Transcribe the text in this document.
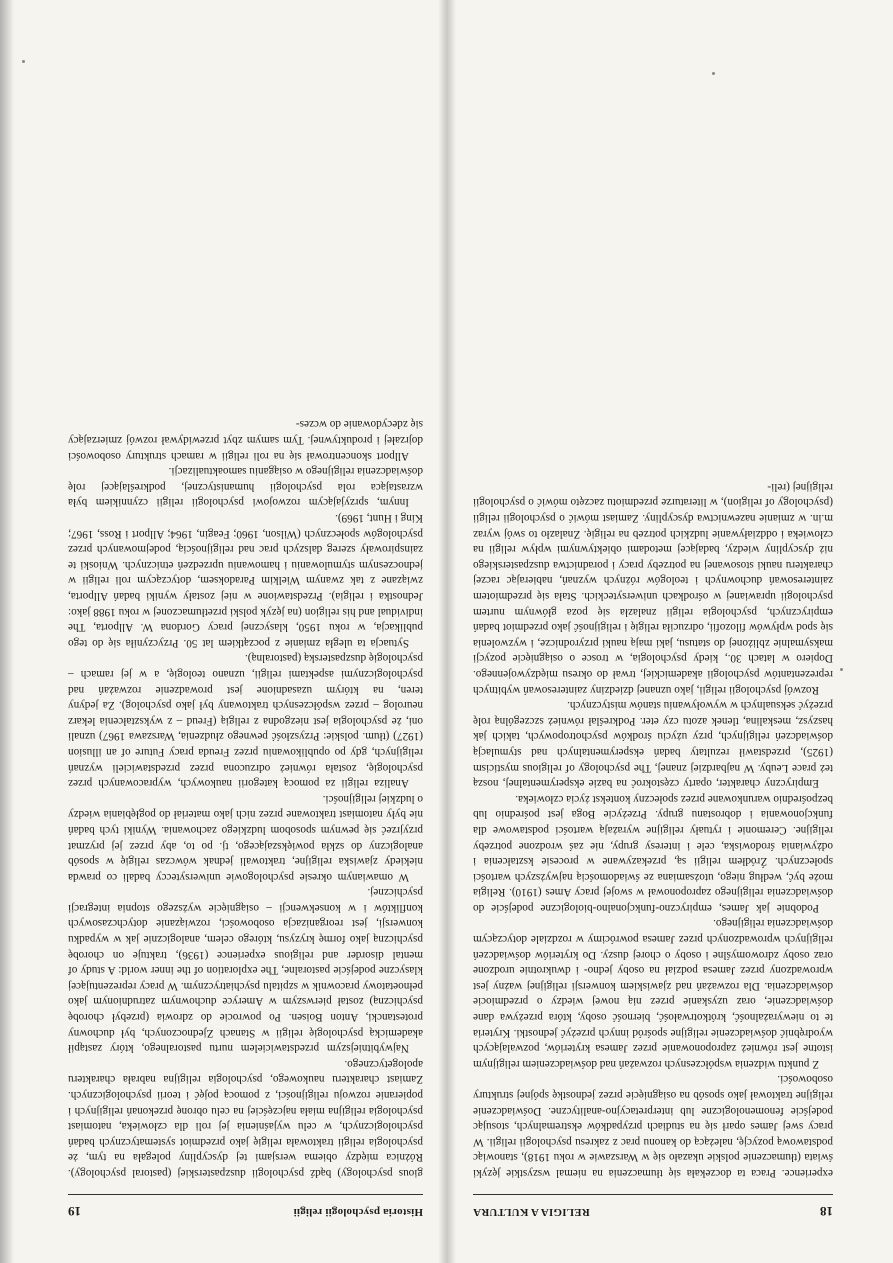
18
RELIGIA A KULTURA

experience. Praca ta doczekała się tłumaczenia na niemal wszystkie języki świata (tłumaczenie polskie ukazało się w Warszawie w roku 1918), stanowiąc podstawową pozycję, należącą do kanonu prac z zakresu psychologii religii. W pracy swej James oparł się na studiach przypadków ekstremalnych, stosując podejście fenomenologiczne lub interpretacyjno-analityczne. Doświadczenie religijne traktował jako sposób na osiągnięcie przez jednostkę spójnej struktury osobowości.

Z punktu widzenia współczesnych rozważań nad doświadczeniem religijnym istotne jest również zaproponowanie przez Jamesa kryteriów, pozwalających wyodrębnić doświadczenie religijne spośród innych przeżyć jednostki. Kryteria te to niewyrażalność, krótkotrwałość, bierność osoby, która przeżywa dane doświadczenie, oraz uzyskanie przez nią nowej wiedzy o przedmiocie doświadczenia. Dla rozważań nad zjawiskiem konwersji religijnej ważny jest wprowadzony przez Jamesa podział na osoby jedno- i dwukrotnie urodzone oraz osoby zdrowomyślne i osoby o chorej duszy. Do kryteriów doświadczeń religijnych wprowadzonych przez Jamesa powrócimy w rozdziale dotyczącym doświadczenia religijnego.

Podobnie jak James, empiryczno-funkcjonalno-biologiczne podejście do doświadczenia religijnego zaproponował w swojej pracy Ames (1910). Religia może być, według niego, utożsamiana ze świadomością najwyższych wartości społecznych. Źródłem religii są, przekazywane w procesie kształcenia i odżywiania środowiska, cele i interesy grupy, nie zaś wrodzone potrzeby religijne. Ceremonie i rytuały religijne wyrażają wartości podstawowe dla funkcjonowania i dobrostanu grupy. Przeżycie Boga jest pośrednio lub bezpośrednio warunkowane przez społeczny kontekst życia człowieka.

Empiryczny charakter, oparty częstokroć na bazie eksperymentalnej, noszą też prace Leuby. W najbardziej znanej, The psychology of religious mysticism (1925), przedstawił rezultaty badań eksperymentalnych nad stymulacją doświadczeń religijnych, przy użyciu środków psychotropowych, takich jak haszysz, meskalina, tlenek azotu czy eter. Podkreślał również szczególną rolę przeżyć seksualnych w wywoływaniu stanów mistycznych.

Rozwój psychologii religii, jako uznanej dziedziny zainteresowań wybitnych reprezentantów psychologii akademickiej, trwał do okresu międzywojennego. Dopiero w latach 30., kiedy psychologia, w trosce o osiągnięcie pozycji maksymalnie zbliżonej do statusu, jaki mają nauki przyrodnicze, i wyzwolenia się spod wpływów filozofii, odrzuciła religię i religijność jako przedmiot badań empirycznych, psychologia religii znalazła się poza głównym nurtem psychologii uprawianej w ośrodkach uniwersyteckich. Stała się przedmiotem zainteresowań duchownych i teologów różnych wyznań, nabierając raczej charakteru nauki stosowanej na potrzeby pracy i poradnictwa duszpasterskiego niż dyscypliny wiedzy, badającej metodami obiektywnymi wpływ religii na człowieka i oddziaływanie ludzkich potrzeb na religię. Znalazło to swój wyraz m.in. w zmianie nazewnictwa dyscypliny. Zamiast mówić o psychologii religii (psychology of religion), w literaturze przedmiotu zaczęto mówić o psychologii religijnej (reli-

Historia psychologii religii
19

gious psychology) bądź psychologii duszpasterskiej (pastoral psychology). Różnica między obiema wersjami tej dyscypliny polegała na tym, że psychologia religii traktowała religię jako przedmiot systematycznych badań psychologicznych, w celu wyjaśnienia jej roli dla człowieka, natomiast psychologia religijna miała najczęściej na celu obronę przekonań religijnych i popieranie rozwoju religijności, z pomocą pojęć i teorii psychologicznych. Zamiast charakteru naukowego, psychologia religijna nabrała charakteru apologetycznego.

Najwybitniejszym przedstawicielem nurtu pastoralnego, który zastąpił akademicką psychologię religii w Stanach Zjednoczonych, był duchowny protestancki, Anton Boisen. Po powrocie do zdrowia (przebył chorobę psychiczną) został pierwszym w Ameryce duchownym zatrudnionym jako pełnoetatowy pracownik w szpitalu psychiatrycznym. W pracy reprezentującej klasyczne podejście pastoralne, The exploration of the inner world: A study of mental disorder and religious experience (1936), traktuje on chorobę psychiczną jako formę kryzysu, którego celem, analogicznie jak w wypadku konwersji, jest reorganizacja osobowości, rozwiązanie dotychczasowych konfliktów i w konsekwencji – osiągnięcie wyższego stopnia integracji psychicznej.

W omawianym okresie psychologowie uniwersyteccy badali co prawda niekiedy zjawiska religijne, traktowali jednak wówczas religię w sposób analogiczny do szkła powiększającego, tj. po to, aby przez jej pryzmat przyjrzeć się pewnym sposobom ludzkiego zachowania. Wyniki tych badań nie były natomiast traktowane przez nich jako materiał do pogłębiania wiedzy o ludzkiej religijności.

Analiza religii za pomocą kategorii naukowych, wypracowanych przez psychologię, została również odrzucona przez przedstawicieli wyznań religijnych, gdy po opublikowaniu przez Freuda pracy Future of an illusion (1927) (tłum. polskie: Przyszłość pewnego złudzenia, Warszawa 1967) uznali oni, że psychologia jest niezgodna z religią (Freud – z wykształcenia lekarz neurolog – przez współczesnych traktowany był jako psycholog). Za jedyny teren, na którym uzasadnione jest prowadzenie rozważań nad psychologicznymi aspektami religii, uznano teologię, a w jej ramach – psychologię duszpasterską (pastoralną).

Sytuacja ta uległa zmianie z początkiem lat 50. Przyczyniła się do tego publikacja, w roku 1950, klasycznej pracy Gordona W. Allporta, The individual and his religion (na język polski przetłumaczonej w roku 1988 jako: Jednostka i religia). Przedstawione w niej zostały wyniki badań Allporta, związane z tak zwanym Wielkim Paradoksem, dotyczącym roli religii w jednoczesnym stymulowaniu i hamowaniu uprzedzeń etnicznych. Wnioski te zainspirowały szereg dalszych prac nad religijnością, podejmowanych przez psychologów społecznych (Wilson, 1960; Feagin, 1964; Allport i Ross, 1967; King i Hunt, 1969).

Innym, sprzyjającym rozwojowi psychologii religii czynnikiem była wzrastająca rola psychologii humanistycznej, podkreślającej rolę doświadczenia religijnego w osiąganiu samoaktualizacji.

Allport skoncentrował się na roli religii w ramach struktury osobowości dojrzałej i produktywnej. Tym samym zbyt przewidywał rozwój zmierzający się zdecydowanie do wczes-
